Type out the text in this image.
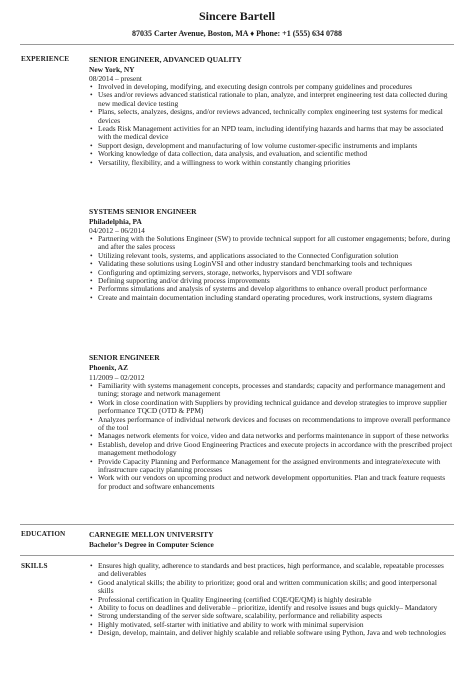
Sincere Bartell
87035 Carter Avenue, Boston, MA ♦ Phone: +1 (555) 634 0788
EXPERIENCE	SENIOR ENGINEER, ADVANCED QUALITY
New York, NY
08/2014 – present
• Involved in developing, modifying, and executing design controls per company guidelines and procedures
• Uses and/or reviews advanced statistical rationale to plan, analyze, and interpret engineering test data collected during new medical device testing
• Plans, selects, analyzes, designs, and/or reviews advanced, technically complex engineering test systems for medical devices
• Leads Risk Management activities for an NPD team, including identifying hazards and harms that may be associated with the medical device
• Support design, development and manufacturing of low volume customer-specific instruments and implants
• Working knowledge of data collection, data analysis, and evaluation, and scientific method
• Versatility, flexibility, and a willingness to work within constantly changing priorities
SYSTEMS SENIOR ENGINEER
Philadelphia, PA
04/2012 – 06/2014
• Partnering with the Solutions Engineer (SW) to provide technical support for all customer engagements; before, during and after the sales process
• Utilizing relevant tools, systems, and applications associated to the Connected Configuration solution
• Validating these solutions using LoginVSI and other industry standard benchmarking tools and techniques
• Configuring and optimizing servers, storage, networks, hypervisors and VDI software
• Defining supporting and/or driving process improvements
• Performns simulations and analysis of systems and develop algorithms to enhance overall product performance
• Create and maintain documentation including standard operating procedures, work instructions, system diagrams
SENIOR ENGINEER
Phoenix, AZ
11/2009 – 02/2012
• Familiarity with systems management concepts, processes and standards; capacity and performance management and tuning; storage and network management
• Work in close coordination with Suppliers by providing technical guidance and develop strategies to improve supplier performance TQCD (OTD & PPM)
• Analyzes performance of individual network devices and focuses on recommendations to improve overall performance of the tool
• Manages network elements for voice, video and data networks and performs maintenance in support of these networks
• Establish, develop and drive Good Engineering Practices and execute projects in accordance with the prescribed project management methodology
• Provide Capacity Planning and Performance Management for the assigned environments and integrate/execute with infrastructure capacity planning processes
• Work with our vendors on upcoming product and network development opportunities. Plan and track feature requests for product and software enhancements
EDUCATION	CARNEGIE MELLON UNIVERSITY
Bachelor’s Degree in Computer Science
SKILLS
•	Ensures high quality, adherence to standards and best practices, high performance, and scalable, repeatable processes and deliverables
• Good analytical skills; the ability to prioritize; good oral and written communication skills; and good interpersonal skills
• Professional certification in Quality Engineering (certified CQE/QE/QM) is highly desirable
• Ability to focus on deadlines and deliverable – prioritize, identify and resolve issues and bugs quickly– Mandatory
• Strong understanding of the server side software, scalability, performance and reliability aspects
• Highly motivated, self-starter with initiative and ability to work with minimal supervision
• Design, develop, maintain, and deliver highly scalable and reliable software using Python, Java and web technologies
